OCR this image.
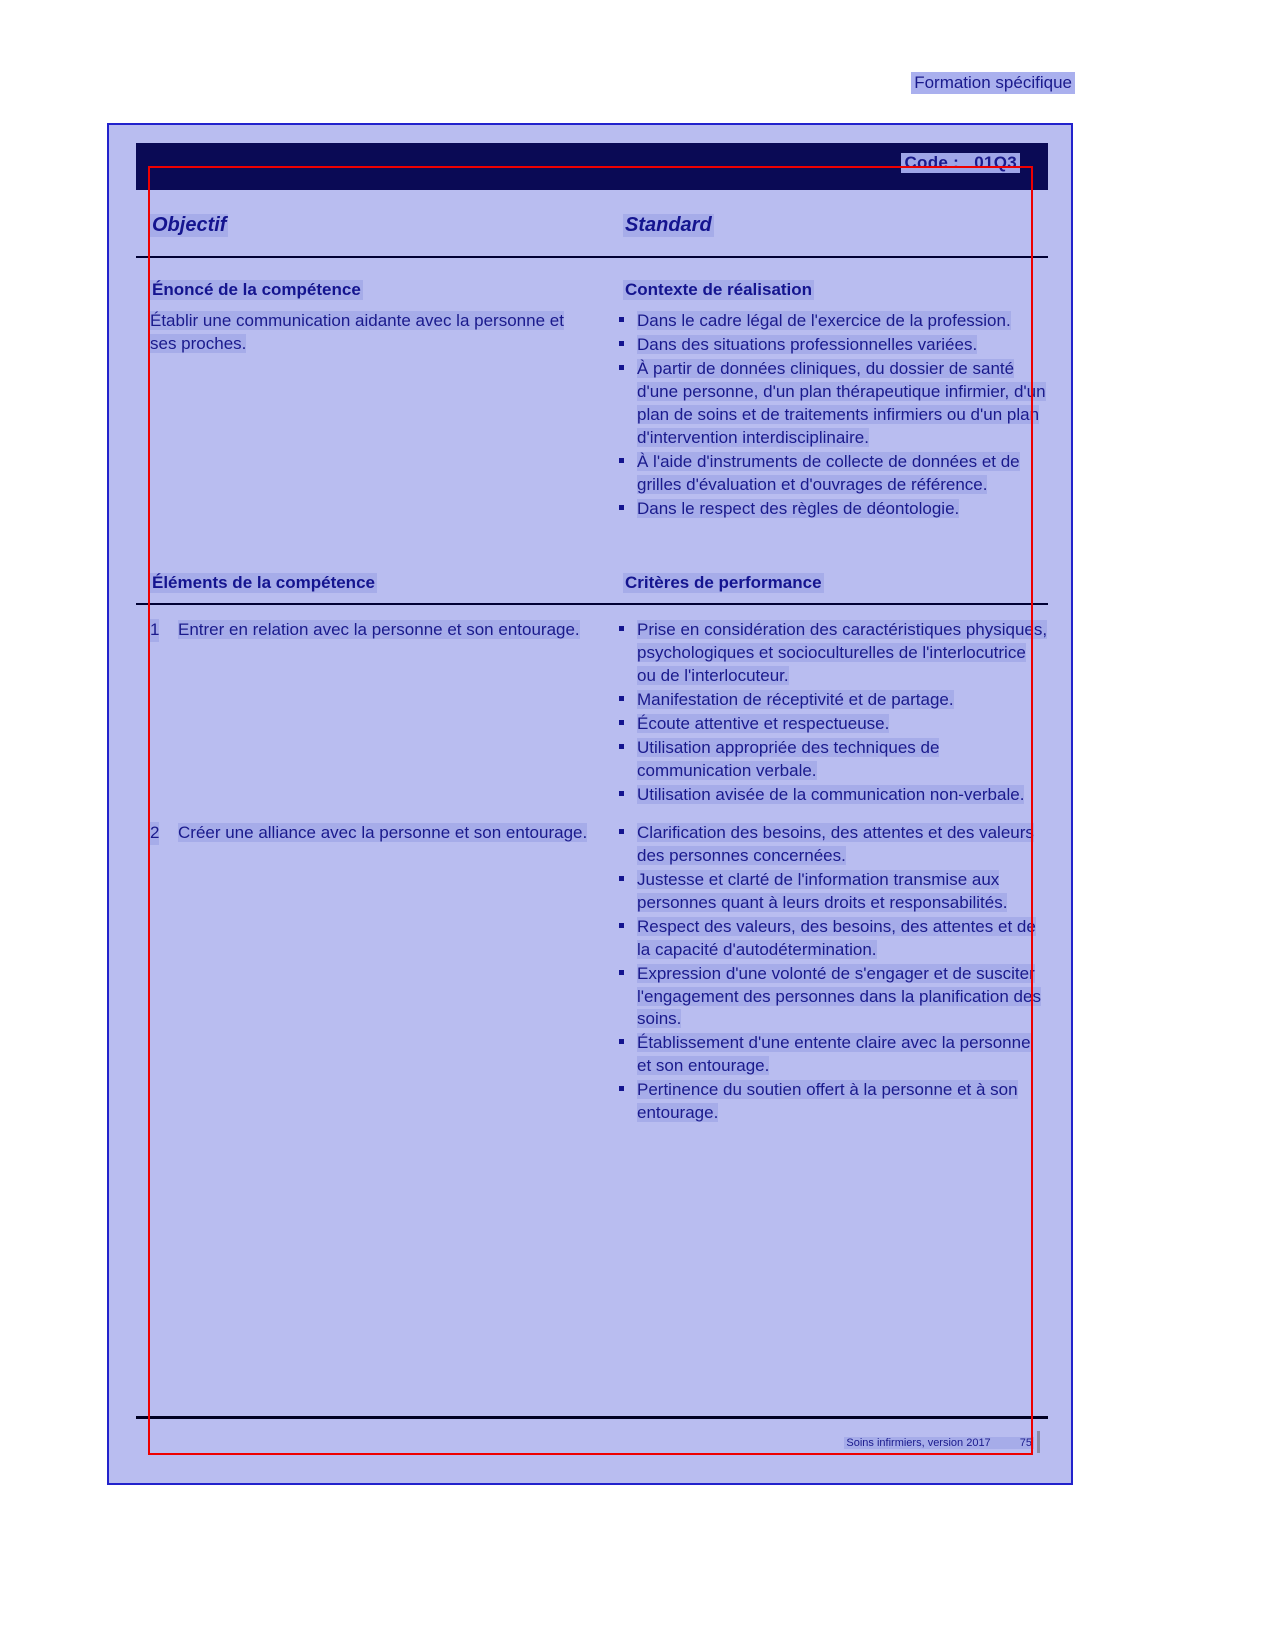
Formation spécifique
Code : 01Q3
Objectif	Standard
Énoncé de la compétence	Contexte de réalisation
Établir une communication aidante avec la personne et ses proches.
Dans le cadre légal de l'exercice de la profession.
Dans des situations professionnelles variées.
À partir de données cliniques, du dossier de santé d'une personne, d'un plan thérapeutique infirmier, d'un plan de soins et de traitements infirmiers ou d'un plan d'intervention interdisciplinaire.
À l'aide d'instruments de collecte de données et de grilles d'évaluation et d'ouvrages de référence.
Dans le respect des règles de déontologie.
Éléments de la compétence	Critères de performance
1 Entrer en relation avec la personne et son entourage.	Prise en considération des caractéristiques physiques, psychologiques et socioculturelles de l'interlocutrice ou de l'interlocuteur.
Manifestation de réceptivité et de partage.
Écoute attentive et respectueuse.
Utilisation appropriée des techniques de communication verbale.
Utilisation avisée de la communication non-verbale.
2 Créer une alliance avec la personne et son entourage.	Clarification des besoins, des attentes et des valeurs des personnes concernées.
Justesse et clarté de l'information transmise aux personnes quant à leurs droits et responsabilités.
Respect des valeurs, des besoins, des attentes et de la capacité d'autodétermination.
Expression d'une volonté de s'engager et de susciter l'engagement des personnes dans la planification des soins.
Établissement d'une entente claire avec la personne et son entourage.
Pertinence du soutien offert à la personne et à son entourage.
Soins infirmiers, version 2017	75
